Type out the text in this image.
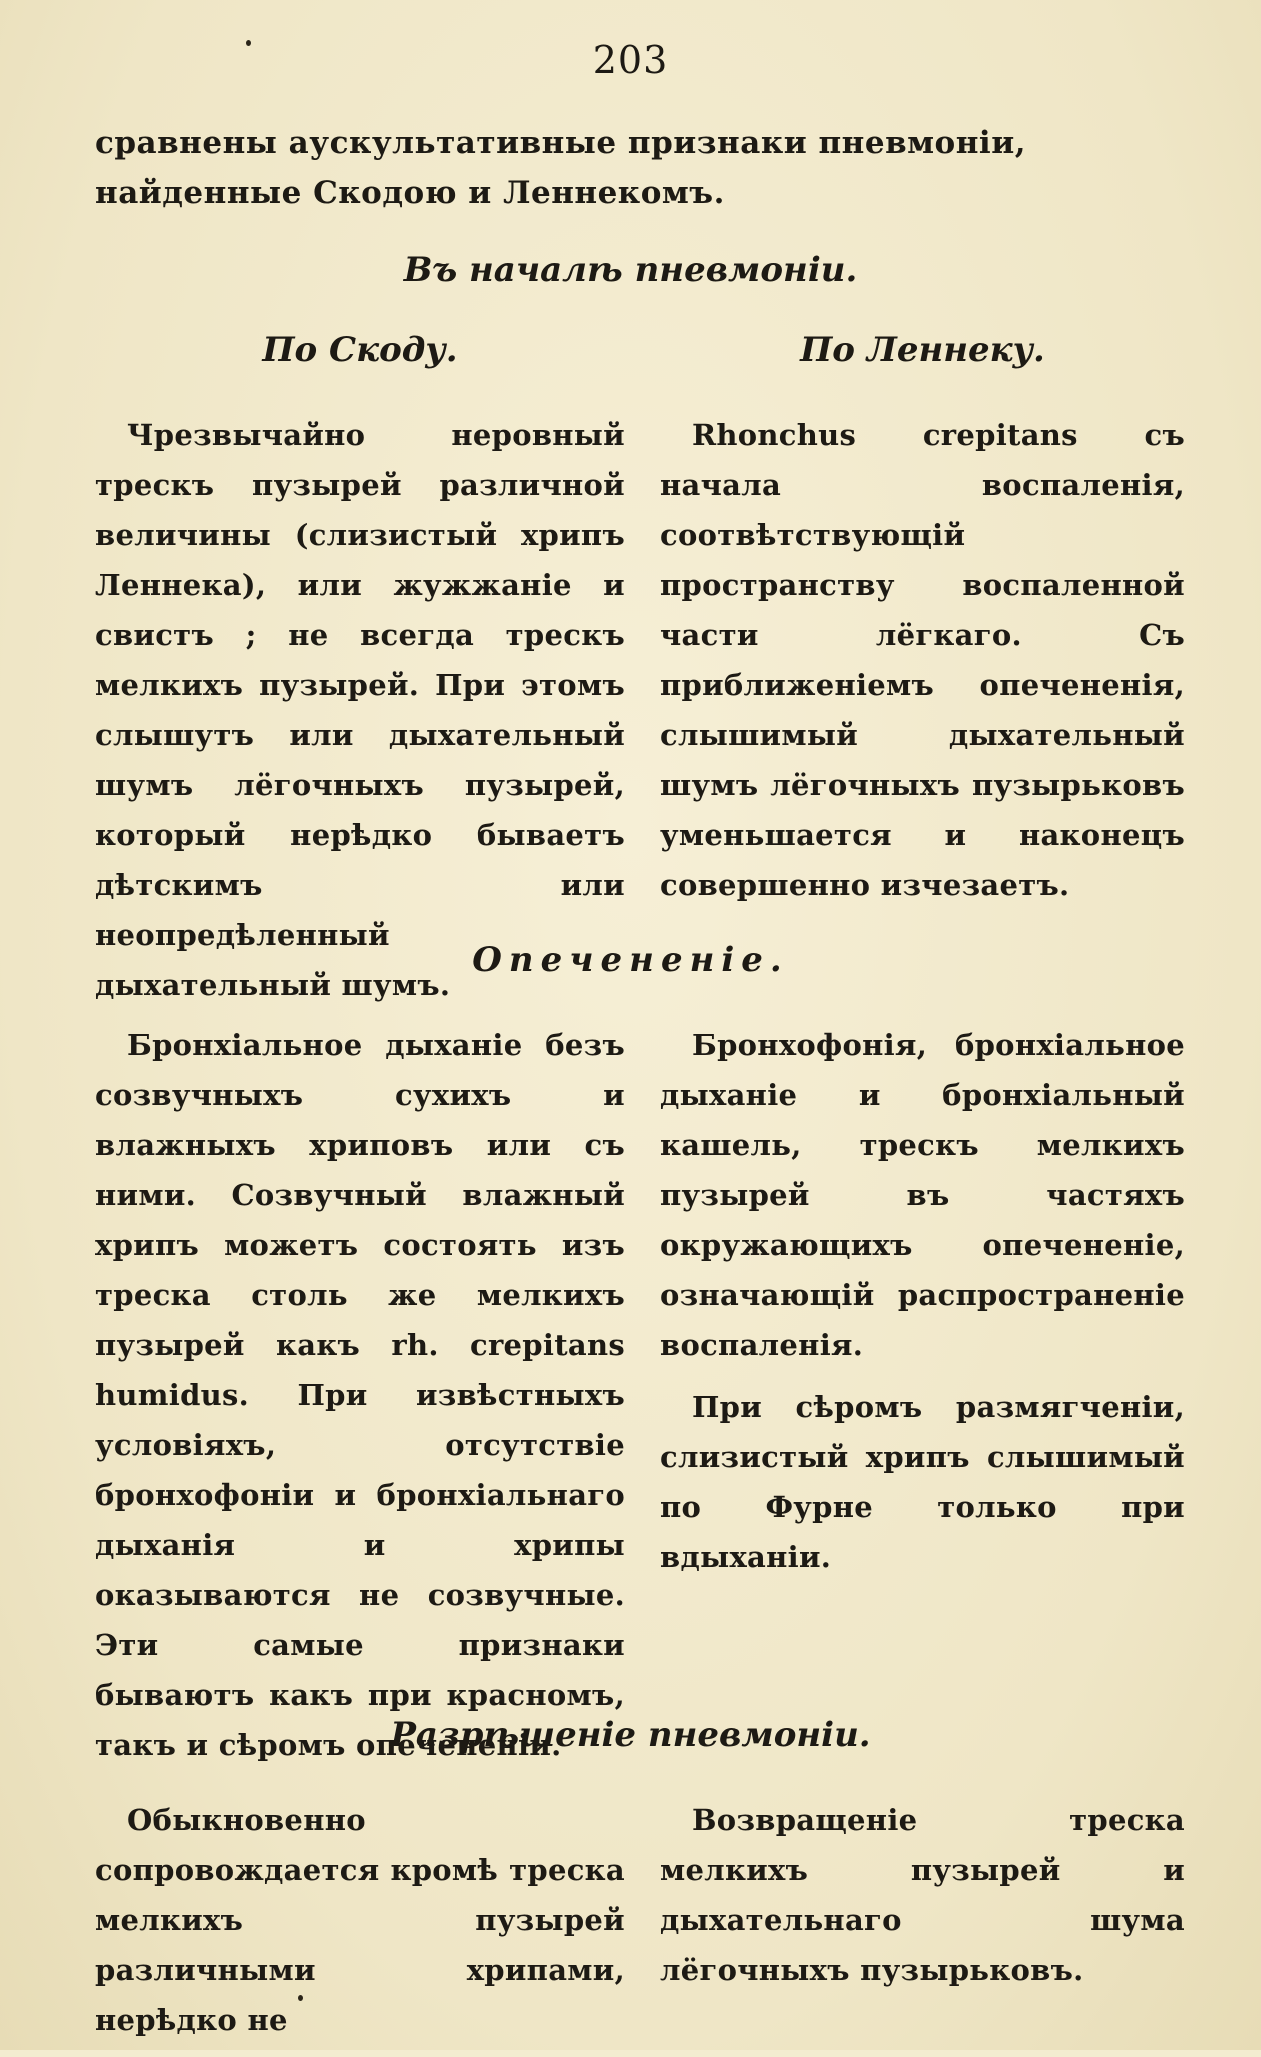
203
сравнены аускультативные признаки пневмоніи, найденные Скодою и Леннекомъ.
Въ началѣ пневмоніи.
По Скоду.	По Леннеку.

Чрезвычайно неровный трескъ пузырей различной величины (слизистый хрипъ Леннека), или жужжаніе и свистъ ; не всегда трескъ мелкихъ пузырей. При этомъ слышутъ или дыхательный шумъ лёгочныхъ пузырей, который нерѣдко бываетъ дѣтскимъ или неопредѣленный дыхательный шумъ.

Rhonchus crepitans съ начала воспаленія, соотвѣтствующій пространству воспаленной части лёгкаго. Съ приближеніемъ опечененія, слышимый дыхательный шумъ лёгочныхъ пузырьковъ уменьшается и наконецъ совершенно изчезаетъ.

Опечененіе.

Бронхіальное дыханіе безъ созвучныхъ сухихъ и влажныхъ хриповъ или съ ними. Созвучный влажный хрипъ можетъ состоять изъ треска столь же мелкихъ пузырей какъ rh. crepitans humidus. При извѣстныхъ условіяхъ, отсутствіе бронхофоніи и бронхіальнаго дыханія и хрипы оказываются не созвучные. Эти самые признаки бываютъ какъ при красномъ, такъ и сѣромъ опечененіи.

Бронхофонія, бронхіальное дыханіе и бронхіальный кашель, трескъ мелкихъ пузырей въ частяхъ окружающихъ опечененіе, означающій распространеніе воспаленія.

При сѣромъ размягченіи, слизистый хрипъ слышимый по Фурне только при вдыханіи.

Разрѣшеніе пневмоніи.

Обыкновенно сопровождается кромѣ треска мелкихъ пузырей различными хрипами, нерѣдко не

Возвращеніе треска мелкихъ пузырей и дыхательнаго шума лёгочныхъ пузырьковъ.
